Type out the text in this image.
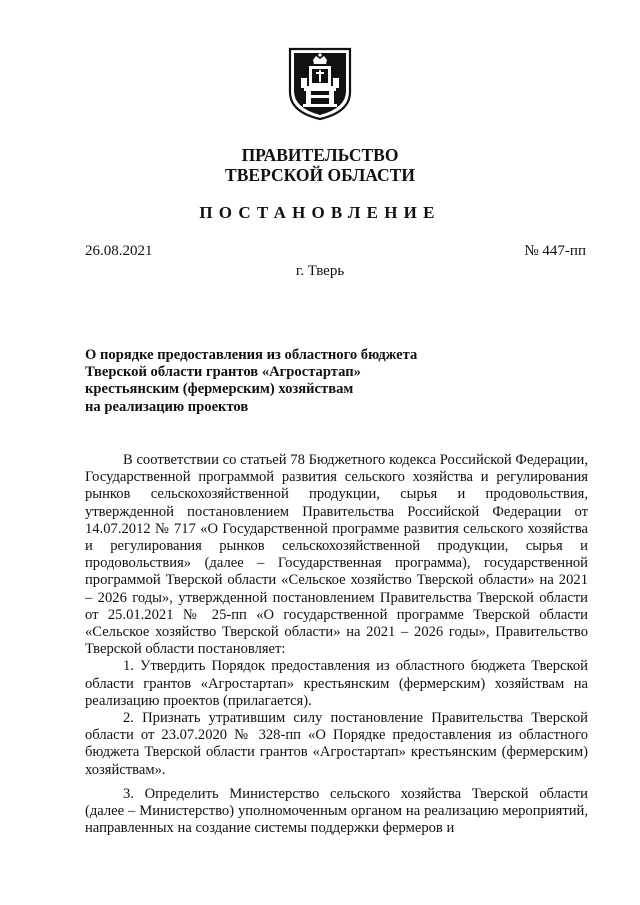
ПРАВИТЕЛЬСТВО
ТВЕРСКОЙ ОБЛАСТИ
ПОСТАНОВЛЕНИЕ
26.08.2021	№ 447-пп
г. Тверь
О порядке предоставления из областного бюджета
Тверской области грантов «Агростартап»
крестьянским (фермерским) хозяйствам
на реализацию проектов

В соответствии со статьей 78 Бюджетного кодекса Российской Федерации, Государственной программой развития сельского хозяйства и регулирования рынков сельскохозяйственной продукции, сырья и продовольствия, утвержденной постановлением Правительства Российской Федерации от 14.07.2012 № 717 «О Государственной программе развития сельского хозяйства и регулирования рынков сельскохозяйственной продукции, сырья и продовольствия» (далее – Государственная программа), государственной программой Тверской области «Сельское хозяйство Тверской области» на 2021 – 2026 годы», утвержденной постановлением Правительства Тверской области от 25.01.2021 № 25-пп «О государственной программе Тверской области «Сельское хозяйство Тверской области» на 2021 – 2026 годы», Правительство Тверской области постановляет:

1. Утвердить Порядок предоставления из областного бюджета Тверской области грантов «Агростартап» крестьянским (фермерским) хозяйствам на реализацию проектов (прилагается).

2. Признать утратившим силу постановление Правительства Тверской области от 23.07.2020 № 328-пп «О Порядке предоставления из областного бюджета Тверской области грантов «Агростартап» крестьянским (фермерским) хозяйствам».

3. Определить Министерство сельского хозяйства Тверской области (далее – Министерство) уполномоченным органом на реализацию мероприятий, направленных на создание системы поддержки фермеров и
